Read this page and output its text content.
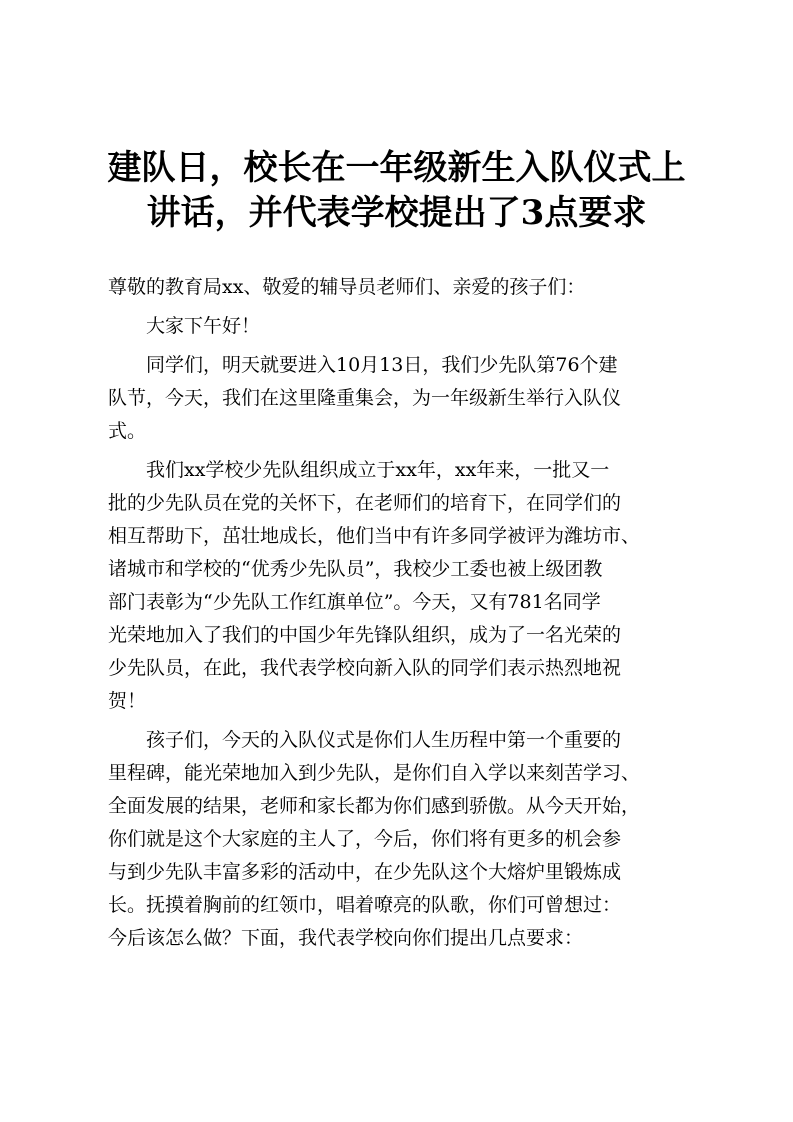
建队日，校长在一年级新生入队仪式上
讲话，并代表学校提出了3点要求
尊敬的教育局xx、敬爱的辅导员老师们、亲爱的孩子们：
大家下午好！
同学们，明天就要进入10月13日，我们少先队第76个建
队节，今天，我们在这里隆重集会，为一年级新生举行入队仪
式。
我们xx学校少先队组织成立于xx年，xx年来，一批又一
批的少先队员在党的关怀下，在老师们的培育下，在同学们的
相互帮助下，茁壮地成长，他们当中有许多同学被评为潍坊市、
诸城市和学校的“优秀少先队员”，我校少工委也被上级团教
部门表彰为“少先队工作红旗单位”。今天，又有781名同学
光荣地加入了我们的中国少年先锋队组织，成为了一名光荣的
少先队员，在此，我代表学校向新入队的同学们表示热烈地祝
贺！
孩子们，今天的入队仪式是你们人生历程中第一个重要的
里程碑，能光荣地加入到少先队，是你们自入学以来刻苦学习、
全面发展的结果，老师和家长都为你们感到骄傲。从今天开始，
你们就是这个大家庭的主人了，今后，你们将有更多的机会参
与到少先队丰富多彩的活动中，在少先队这个大熔炉里锻炼成
长。抚摸着胸前的红领巾，唱着嘹亮的队歌，你们可曾想过：
今后该怎么做？下面，我代表学校向你们提出几点要求：
